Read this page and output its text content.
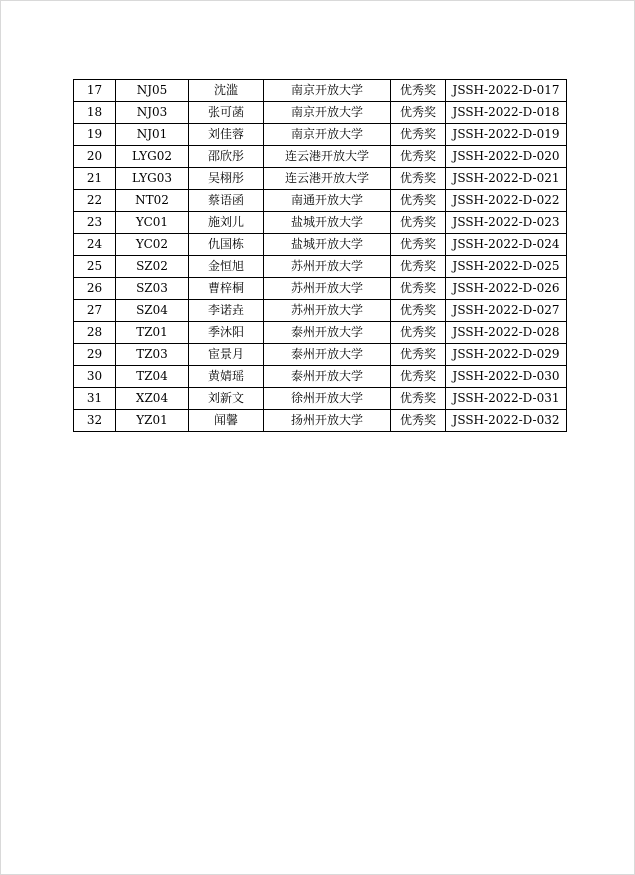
17	NJ05	沈滥	南京开放大学	优秀奖	JSSH-2022-D-017
18	NJ03	张可菡	南京开放大学	优秀奖	JSSH-2022-D-018
19	NJ01	刘佳蓉	南京开放大学	优秀奖	JSSH-2022-D-019
20	LYG02	邵欣彤	连云港开放大学	优秀奖	JSSH-2022-D-020
21	LYG03	吴栩彤	连云港开放大学	优秀奖	JSSH-2022-D-021
22	NT02	蔡语函	南通开放大学	优秀奖	JSSH-2022-D-022
23	YC01	施刘儿	盐城开放大学	优秀奖	JSSH-2022-D-023
24	YC02	仇国栋	盐城开放大学	优秀奖	JSSH-2022-D-024
25	SZ02	金恒旭	苏州开放大学	优秀奖	JSSH-2022-D-025
26	SZ03	曹梓桐	苏州开放大学	优秀奖	JSSH-2022-D-026
27	SZ04	李诺垚	苏州开放大学	优秀奖	JSSH-2022-D-027
28	TZ01	季沐阳	泰州开放大学	优秀奖	JSSH-2022-D-028
29	TZ03	宦景月	泰州开放大学	优秀奖	JSSH-2022-D-029
30	TZ04	黄婧瑶	泰州开放大学	优秀奖	JSSH-2022-D-030
31	XZ04	刘新文	徐州开放大学	优秀奖	JSSH-2022-D-031
32	YZ01	闻馨	扬州开放大学	优秀奖	JSSH-2022-D-032
